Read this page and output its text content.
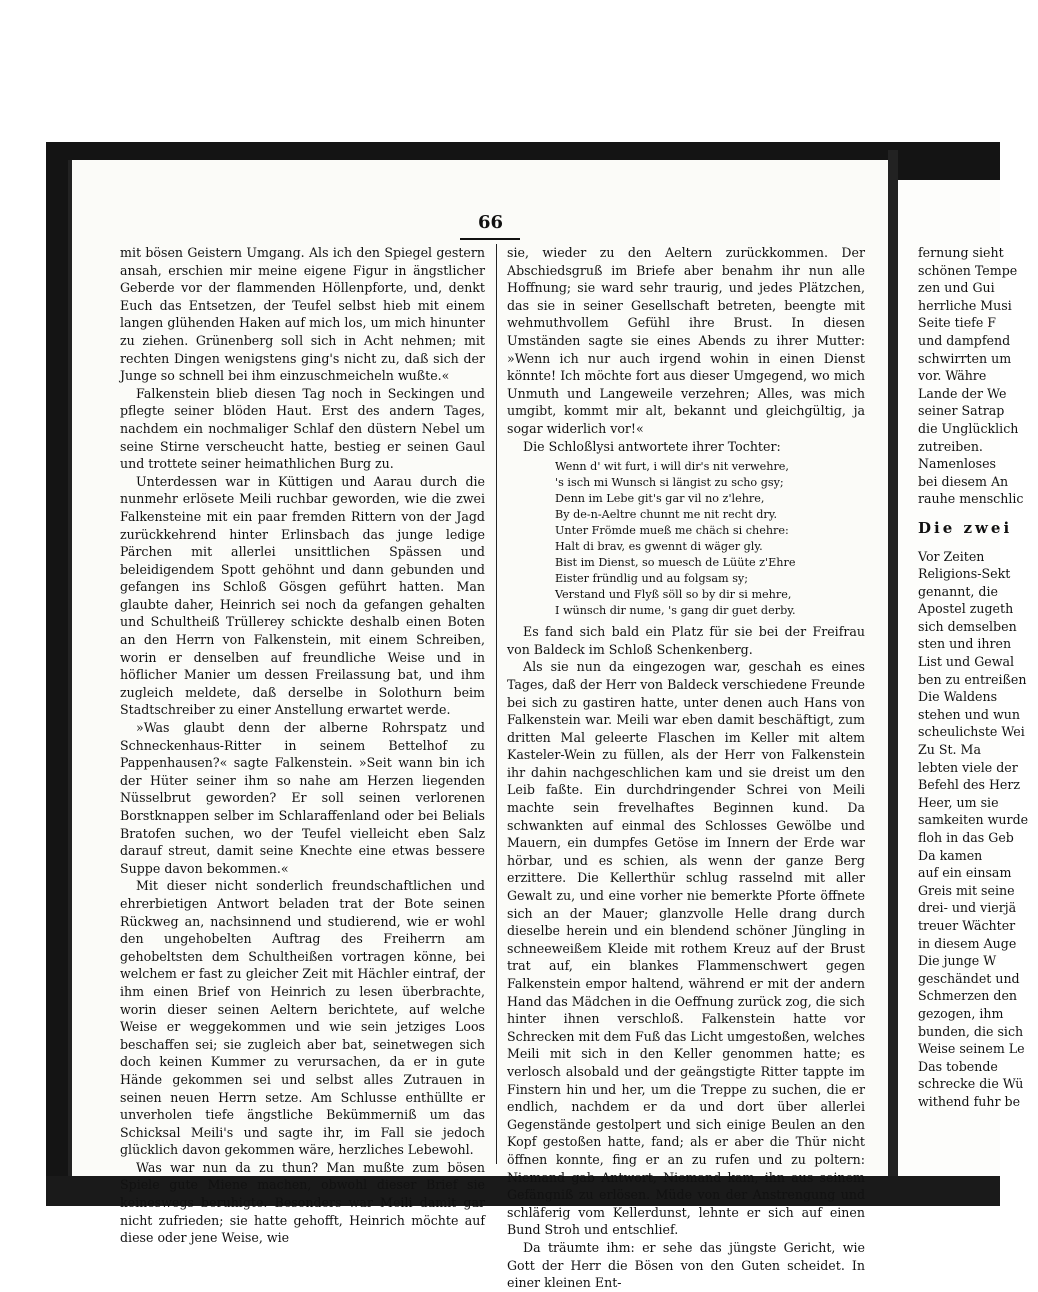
66

mit bösen Geistern Umgang. Als ich den Spiegel gestern ansah, erschien mir meine eigene Figur in ängstlicher Geberde vor der flammenden Höllenpforte, und, denkt Euch das Entsetzen, der Teufel selbst hieb mit einem langen glühenden Haken auf mich los, um mich hinunter zu ziehen. Grünenberg soll sich in Acht nehmen; mit rechten Dingen wenigstens ging's nicht zu, daß sich der Junge so schnell bei ihm einzuschmeicheln wußte.«

Falkenstein blieb diesen Tag noch in Seckingen und pflegte seiner blöden Haut. Erst des andern Tages, nachdem ein nochmaliger Schlaf den düstern Nebel um seine Stirne verscheucht hatte, bestieg er seinen Gaul und trottete seiner heimathlichen Burg zu.

Unterdessen war in Küttigen und Aarau durch die nunmehr erlösete Meili ruchbar geworden, wie die zwei Falkensteine mit ein paar fremden Rittern von der Jagd zurückkehrend hinter Erlinsbach das junge ledige Pärchen mit allerlei unsittlichen Spässen und beleidigendem Spott gehöhnt und dann gebunden und gefangen ins Schloß Gösgen geführt hatten. Man glaubte daher, Heinrich sei noch da gefangen gehalten und Schultheiß Trüllerey schickte deshalb einen Boten an den Herrn von Falkenstein, mit einem Schreiben, worin er denselben auf freundliche Weise und in höflicher Manier um dessen Freilassung bat, und ihm zugleich meldete, daß derselbe in Solothurn beim Stadtschreiber zu einer Anstellung erwartet werde.

»Was glaubt denn der alberne Rohrspatz und Schneckenhaus-Ritter in seinem Bettelhof zu Pappenhausen?« sagte Falkenstein. »Seit wann bin ich der Hüter seiner ihm so nahe am Herzen liegenden Nüsselbrut geworden? Er soll seinen verlorenen Borstknappen selber im Schlaraffenland oder bei Belials Bratofen suchen, wo der Teufel vielleicht eben Salz darauf streut, damit seine Knechte eine etwas bessere Suppe davon bekommen.«

Mit dieser nicht sonderlich freundschaftlichen und ehrerbietigen Antwort beladen trat der Bote seinen Rückweg an, nachsinnend und studierend, wie er wohl den ungehobelten Auftrag des Freiherrn am gehobeltsten dem Schultheißen vortragen könne, bei welchem er fast zu gleicher Zeit mit Hächler eintraf, der ihm einen Brief von Heinrich zu lesen überbrachte, worin dieser seinen Aeltern berichtete, auf welche Weise er weggekommen und wie sein jetziges Loos beschaffen sei; sie zugleich aber bat, seinetwegen sich doch keinen Kummer zu verursachen, da er in gute Hände gekommen sei und selbst alles Zutrauen in seinen neuen Herrn setze. Am Schlusse enthüllte er unverholen tiefe ängstliche Bekümmerniß um das Schicksal Meili's und sagte ihr, im Fall sie jedoch glücklich davon gekommen wäre, herzliches Lebewohl.

Was war nun da zu thun? Man mußte zum bösen Spiele gute Miene machen, obwohl dieser Brief sie keineswegs beruhigte. Besonders war Meili damit gar nicht zufrieden; sie hatte gehofft, Heinrich möchte auf diese oder jene Weise, wie

sie, wieder zu den Aeltern zurückkommen. Der Abschiedsgruß im Briefe aber benahm ihr nun alle Hoffnung; sie ward sehr traurig, und jedes Plätzchen, das sie in seiner Gesellschaft betreten, beengte mit wehmuthvollem Gefühl ihre Brust. In diesen Umständen sagte sie eines Abends zu ihrer Mutter: »Wenn ich nur auch irgend wohin in einen Dienst könnte! Ich möchte fort aus dieser Umgegend, wo mich Unmuth und Langeweile verzehren; Alles, was mich umgibt, kommt mir alt, bekannt und gleichgültig, ja sogar widerlich vor!«

Die Schloßlysi antwortete ihrer Tochter:

Wenn d' wit furt, i will dir's nit verwehre,
's isch mi Wunsch si längist zu scho gsy;
Denn im Lebe git's gar vil no z'lehre,
By de-n-Aeltre chunnt me nit recht dry.
Unter Frömde mueß me chäch si chehre:
Halt di brav, es gwennt di wäger gly.
Bist im Dienst, so muesch de Lüüte z'Ehre
Eister fründlig und au folgsam sy;
Verstand und Flyß söll so by dir si mehre,
I wünsch dir nume, 's gang dir guet derby.

Es fand sich bald ein Platz für sie bei der Freifrau von Baldeck im Schloß Schenkenberg.

Als sie nun da eingezogen war, geschah es eines Tages, daß der Herr von Baldeck verschiedene Freunde bei sich zu gastiren hatte, unter denen auch Hans von Falkenstein war. Meili war eben damit beschäftigt, zum dritten Mal geleerte Flaschen im Keller mit altem Kasteler-Wein zu füllen, als der Herr von Falkenstein ihr dahin nachgeschlichen kam und sie dreist um den Leib faßte. Ein durchdringender Schrei von Meili machte sein frevelhaftes Beginnen kund. Da schwankten auf einmal des Schlosses Gewölbe und Mauern, ein dumpfes Getöse im Innern der Erde war hörbar, und es schien, als wenn der ganze Berg erzittere. Die Kellerthür schlug rasselnd mit aller Gewalt zu, und eine vorher nie bemerkte Pforte öffnete sich an der Mauer; glanzvolle Helle drang durch dieselbe herein und ein blendend schöner Jüngling in schneeweißem Kleide mit rothem Kreuz auf der Brust trat auf, ein blankes Flammenschwert gegen Falkenstein empor haltend, während er mit der andern Hand das Mädchen in die Oeffnung zurück zog, die sich hinter ihnen verschloß. Falkenstein hatte vor Schrecken mit dem Fuß das Licht umgestoßen, welches Meili mit sich in den Keller genommen hatte; es verlosch alsobald und der geängstigte Ritter tappte im Finstern hin und her, um die Treppe zu suchen, die er endlich, nachdem er da und dort über allerlei Gegenstände gestolpert und sich einige Beulen an den Kopf gestoßen hatte, fand; als er aber die Thür nicht öffnen konnte, fing er an zu rufen und zu poltern: Niemand gab Antwort, Niemand kam, ihn aus seinem Gefängniß zu erlösen. Müde von der Anstrengung und schläferig vom Kellerdunst, lehnte er sich auf einen Bund Stroh und entschlief.

Da träumte ihm: er sehe das jüngste Gericht, wie Gott der Herr die Bösen von den Guten scheidet. In einer kleinen Ent-

fernung sieht
schönen Tempe
zen und Gui
herrliche Musi
Seite tiefe F
und dampfend
schwirrten um
vor. Währe
Lande der We
seiner Satrap
die Unglücklich
zutreiben.
Namenloses
bei diesem An
rauhe menschlic
Die zwei
Vor Zeiten
Religions-Sekt
genannt, die
Apostel zugeth
sich demselben
sten und ihren
List und Gewal
ben zu entreißen
Die Waldens
stehen und wun
scheulichste Wei
Zu St. Ma
lebten viele der
Befehl des Herz
Heer, um sie
samkeiten wurde
floh in das Geb
Da kamen
auf ein einsam
Greis mit seine
drei- und vierjä
treuer Wächter
in diesem Auge
Die junge W
geschändet und
Schmerzen den
gezogen, ihm
bunden, die sich
Weise seinem Le
Das tobende
schrecke die Wü
withend fuhr be
